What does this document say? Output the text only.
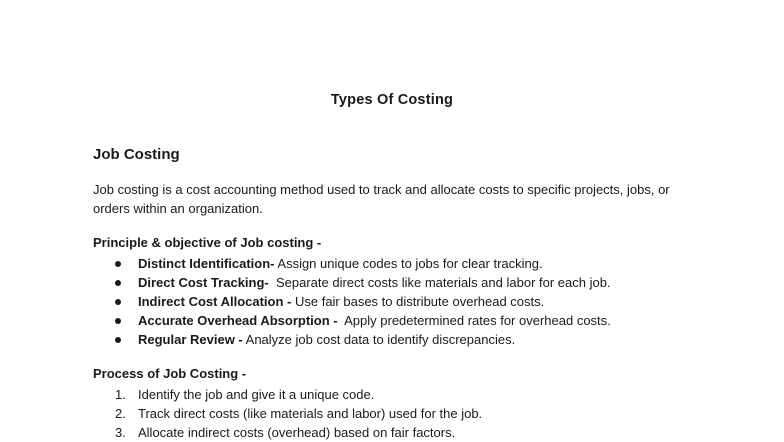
Types Of Costing
Job Costing
Job costing is a cost accounting method used to track and allocate costs to specific projects, jobs, or orders within an organization.
Principle & objective of Job costing -
Distinct Identification- Assign unique codes to jobs for clear tracking.
Direct Cost Tracking-  Separate direct costs like materials and labor for each job.
Indirect Cost Allocation - Use fair bases to distribute overhead costs.
Accurate Overhead Absorption -  Apply predetermined rates for overhead costs.
Regular Review - Analyze job cost data to identify discrepancies.
Process of Job Costing -
1. Identify the job and give it a unique code.
2. Track direct costs (like materials and labor) used for the job.
3. Allocate indirect costs (overhead) based on fair factors.
